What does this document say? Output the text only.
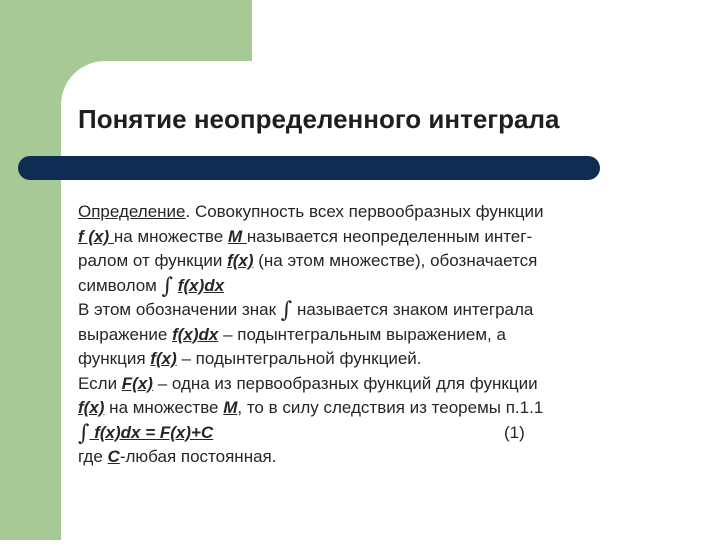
Понятие неопределенного интеграла
Определение. Совокупность всех первообразных функции
f (x) на множестве М называется неопределенным интег-
ралом от функции f(x) (на этом множестве), обозначается
символом ∫ f(x)dx
В этом обозначении знак ∫ называется знаком интеграла
выражение f(x)dx – подынтегральным выражением, а
функция f(x) – подынтегральной функцией.
Если F(x) – одна из первообразных функций для функции
f(x) на множестве М, то в силу следствия из теоремы п.1.1
∫ f(x)dx = F(x)+C	(1)
где С-любая постоянная.
